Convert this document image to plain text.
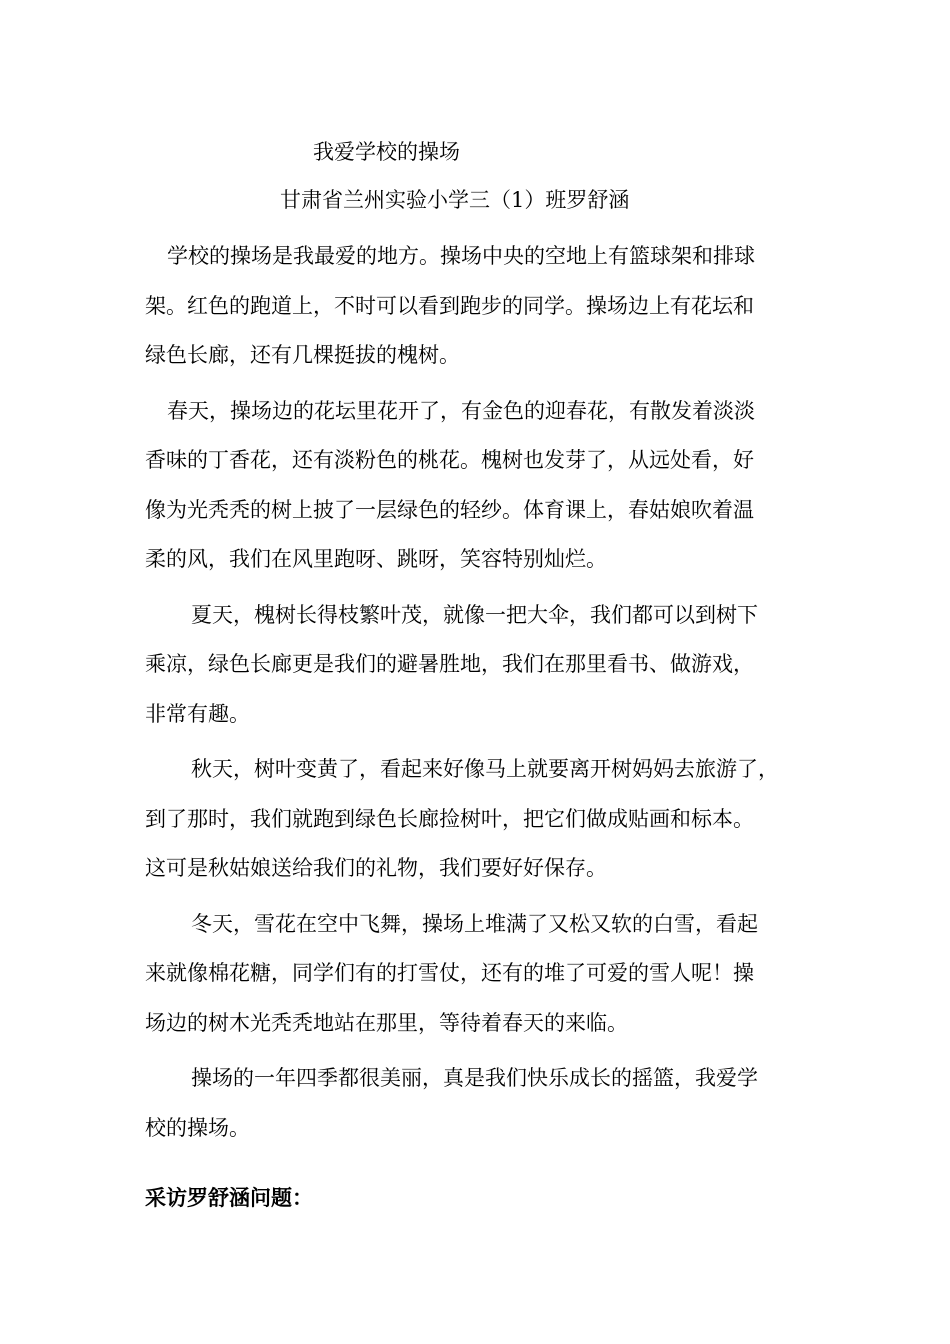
我爱学校的操场
甘肃省兰州实验小学三（1）班罗舒涵

学校的操场是我最爱的地方。操场中央的空地上有篮球架和排球
架。红色的跑道上，不时可以看到跑步的同学。操场边上有花坛和
绿色长廊，还有几棵挺拔的槐树。

春天，操场边的花坛里花开了，有金色的迎春花，有散发着淡淡
香味的丁香花，还有淡粉色的桃花。槐树也发芽了，从远处看，好
像为光秃秃的树上披了一层绿色的轻纱。体育课上，春姑娘吹着温
柔的风，我们在风里跑呀、跳呀，笑容特别灿烂。

夏天，槐树长得枝繁叶茂，就像一把大伞，我们都可以到树下
乘凉，绿色长廊更是我们的避暑胜地，我们在那里看书、做游戏，
非常有趣。

秋天，树叶变黄了，看起来好像马上就要离开树妈妈去旅游了，
到了那时，我们就跑到绿色长廊捡树叶，把它们做成贴画和标本。
这可是秋姑娘送给我们的礼物，我们要好好保存。

冬天，雪花在空中飞舞，操场上堆满了又松又软的白雪，看起
来就像棉花糖，同学们有的打雪仗，还有的堆了可爱的雪人呢！操
场边的树木光秃秃地站在那里，等待着春天的来临。

操场的一年四季都很美丽，真是我们快乐成长的摇篮，我爱学
校的操场。

采访罗舒涵问题：
